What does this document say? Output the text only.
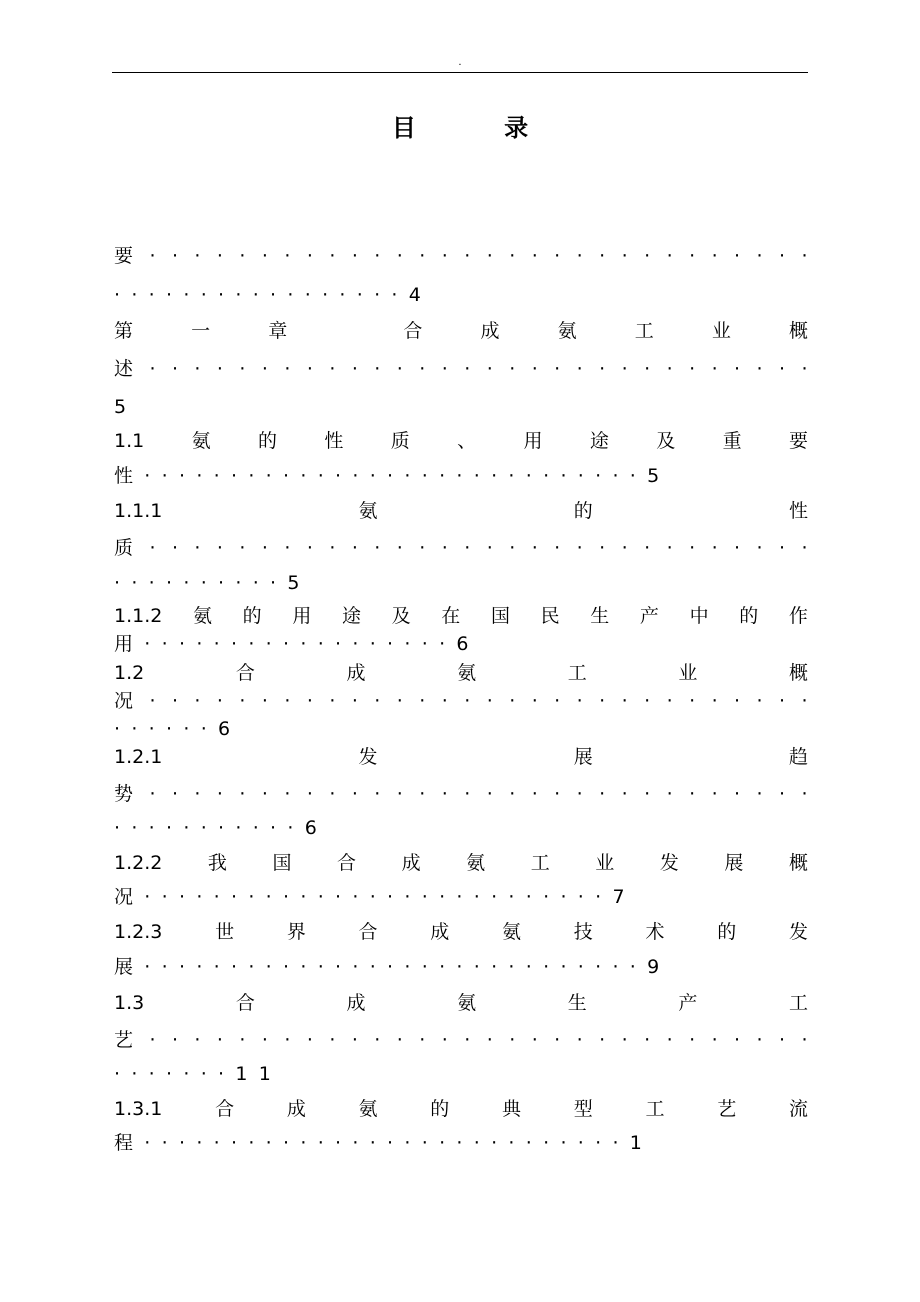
.
目 录
要 · · · · · · · · · · · · · · · · · · · · · · · · · · · · · ·
·················4
第	一	章	合	成	氨	工	业	概
述 · · · · · · · · · · · · · · · · · · · · · · · · · · · · · ·
5
1.1 氨 的 性 质 、 用 途 及 重 要
性·····························5
1.1.1	氨	的	性
质 · · · · · · · · · · · · · · · · · · · · · · · · · · · · · ·
··········5
1.1.2 氨 的 用 途 及 在 国 民 生 产 中 的 作
用··················6
1.2	合	成	氨	工	业	概
况 · · · · · · · · · · · · · · · · · · · · · · · · · · · · · ·
······6
1.2.1	发	展	趋
势 · · · · · · · · · · · · · · · · · · · · · · · · · · · · · ·
···········6
1.2.2 我 国 合 成 氨 工 业 发 展 概
况···························7
1.2.3	世	界	合	成	氨	技	术	的	发
展·····························9
1.3	合	成	氨	生	产	工
艺 · · · · · · · · · · · · · · · · · · · · · · · · · · · · · ·
·······11
1.3.1	合	成	氨	的	典	型	工	艺	流
程····························1
